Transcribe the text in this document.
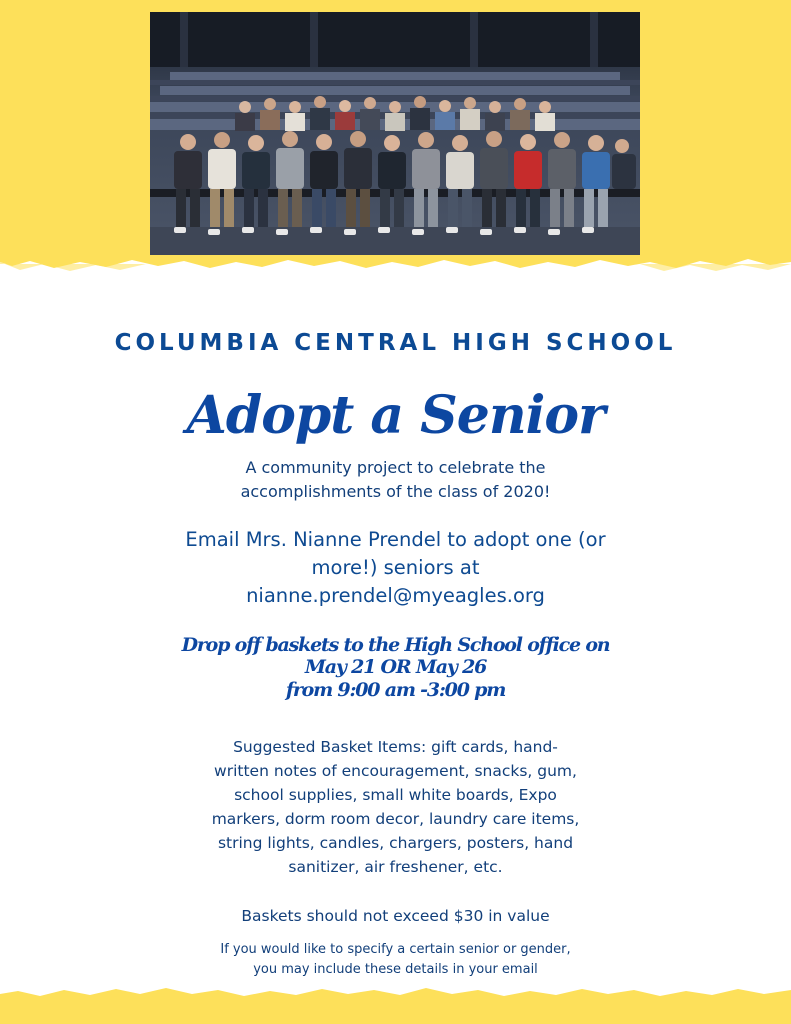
COLUMBIA CENTRAL HIGH SCHOOL
Adopt a Senior
A community project to celebrate the
accomplishments of the class of 2020!
Email Mrs. Nianne Prendel to adopt one (or
more!) seniors at
nianne.prendel@myeagles.org
Drop off baskets to the High School office on
May 21 OR May 26
from 9:00 am -3:00 pm
Suggested Basket Items: gift cards, hand-
written notes of encouragement, snacks, gum,
school supplies, small white boards, Expo
markers, dorm room decor, laundry care items,
string lights, candles, chargers, posters, hand
sanitizer, air freshener, etc.
Baskets should not exceed $30 in value
If you would like to specify a certain senior or gender,
you may include these details in your email
